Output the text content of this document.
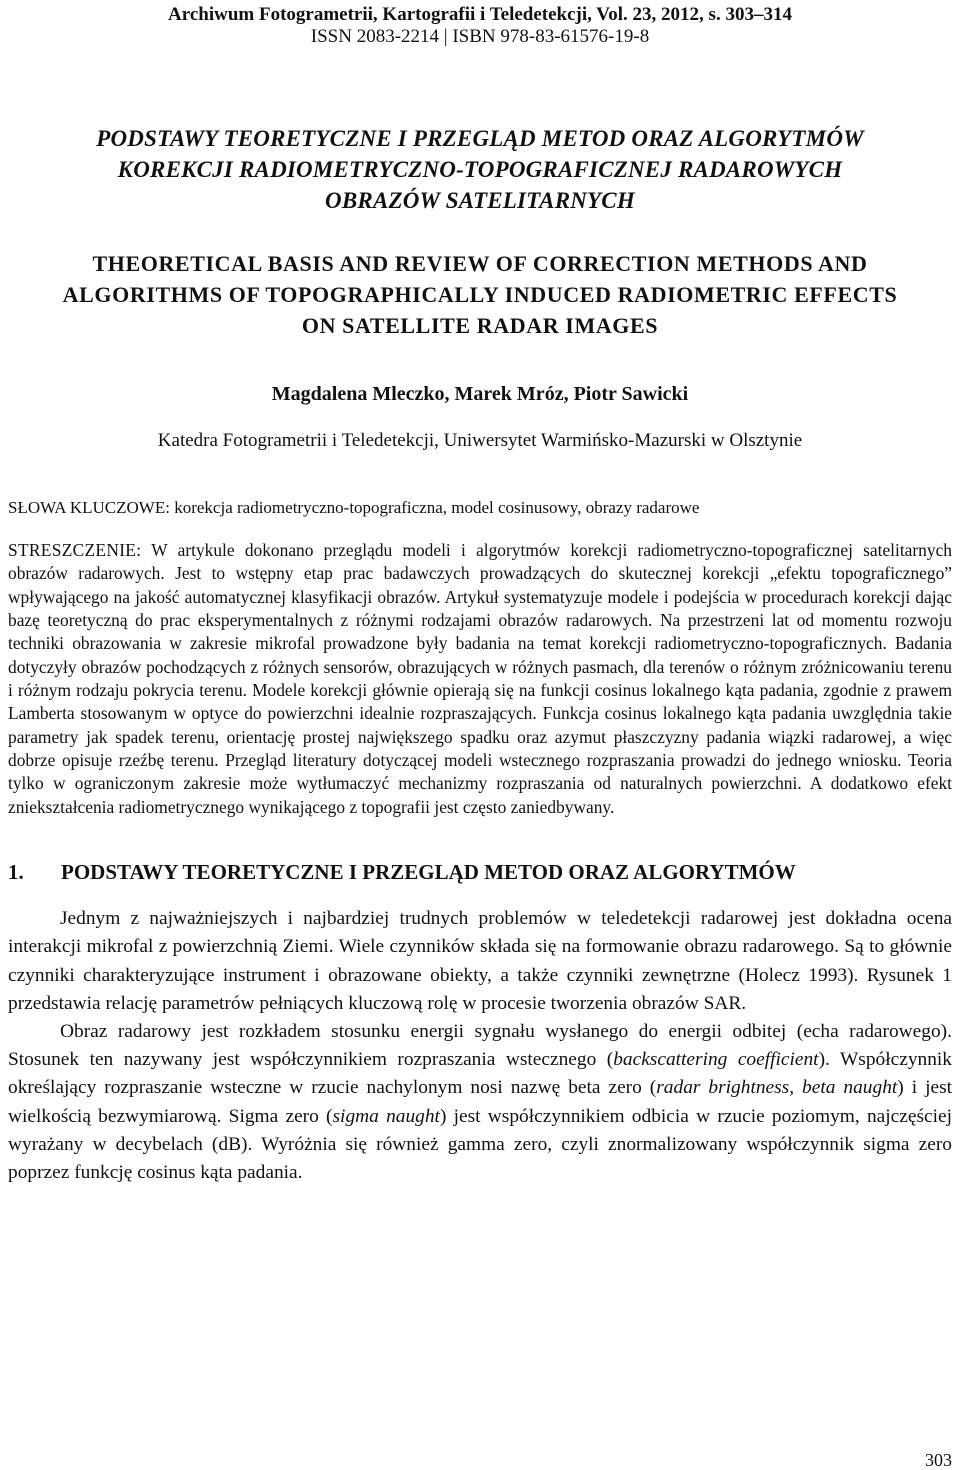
Archiwum Fotogrametrii, Kartografii i Teledetekcji, Vol. 23, 2012, s. 303–314
ISSN 2083-2214 | ISBN 978-83-61576-19-8
PODSTAWY TEORETYCZNE I PRZEGLĄD METOD ORAZ ALGORYTMÓW
KOREKCJI RADIOMETRYCZNO-TOPOGRAFICZNEJ RADAROWYCH
OBRAZÓW SATELITARNYCH
THEORETICAL BASIS AND REVIEW OF CORRECTION METHODS AND
ALGORITHMS OF TOPOGRAPHICALLY INDUCED RADIOMETRIC EFFECTS
ON SATELLITE RADAR IMAGES
Magdalena Mleczko, Marek Mróz, Piotr Sawicki
Katedra Fotogrametrii i Teledetekcji, Uniwersytet Warmińsko-Mazurski w Olsztynie
SŁOWA KLUCZOWE: korekcja radiometryczno-topograficzna, model cosinusowy, obrazy radarowe
STRESZCZENIE: W artykule dokonano przeglądu modeli i algorytmów korekcji radiometryczno-topograficznej satelitarnych obrazów radarowych. Jest to wstępny etap prac badawczych prowadzących do skutecznej korekcji „efektu topograficznego” wpływającego na jakość automatycznej klasyfikacji obrazów. Artykuł systematyzuje modele i podejścia w procedurach korekcji dając bazę teoretyczną do prac eksperymentalnych z różnymi rodzajami obrazów radarowych. Na przestrzeni lat od momentu rozwoju techniki obrazowania w zakresie mikrofal prowadzone były badania na temat korekcji radiometryczno-topograficznych. Badania dotyczyły obrazów pochodzących z różnych sensorów, obrazujących w różnych pasmach, dla terenów o różnym zróżnicowaniu terenu i różnym rodzaju pokrycia terenu. Modele korekcji głównie opierają się na funkcji cosinus lokalnego kąta padania, zgodnie z prawem Lamberta stosowanym w optyce do powierzchni idealnie rozpraszających. Funkcja cosinus lokalnego kąta padania uwzględnia takie parametry jak spadek terenu, orientację prostej największego spadku oraz azymut płaszczyzny padania wiązki radarowej, a więc dobrze opisuje rzeźbę terenu. Przegląd literatury dotyczącej modeli wstecznego rozpraszania prowadzi do jednego wniosku. Teoria tylko w ograniczonym zakresie może wytłumaczyć mechanizmy rozpraszania od naturalnych powierzchni. A dodatkowo efekt zniekształcenia radiometrycznego wynikającego z topografii jest często zaniedbywany.
1.	PODSTAWY TEORETYCZNE I PRZEGLĄD METOD ORAZ ALGORYTMÓW

Jednym z najważniejszych i najbardziej trudnych problemów w teledetekcji radarowej jest dokładna ocena interakcji mikrofal z powierzchnią Ziemi. Wiele czynników składa się na formowanie obrazu radarowego. Są to głównie czynniki charakteryzujące instrument i obrazowane obiekty, a także czynniki zewnętrzne (Holecz 1993). Rysunek 1 przedstawia relację parametrów pełniących kluczową rolę w procesie tworzenia obrazów SAR.

Obraz radarowy jest rozkładem stosunku energii sygnału wysłanego do energii odbitej (echa radarowego). Stosunek ten nazywany jest współczynnikiem rozpraszania wstecznego (backscattering coefficient). Współczynnik określający rozpraszanie wsteczne w rzucie nachylonym nosi nazwę beta zero (radar brightness, beta naught) i jest wielkością bezwymiarową. Sigma zero (sigma naught) jest współczynnikiem odbicia w rzucie poziomym, najczęściej wyrażany w decybelach (dB). Wyróżnia się również gamma zero, czyli znormalizowany współczynnik sigma zero poprzez funkcję cosinus kąta padania.

303
